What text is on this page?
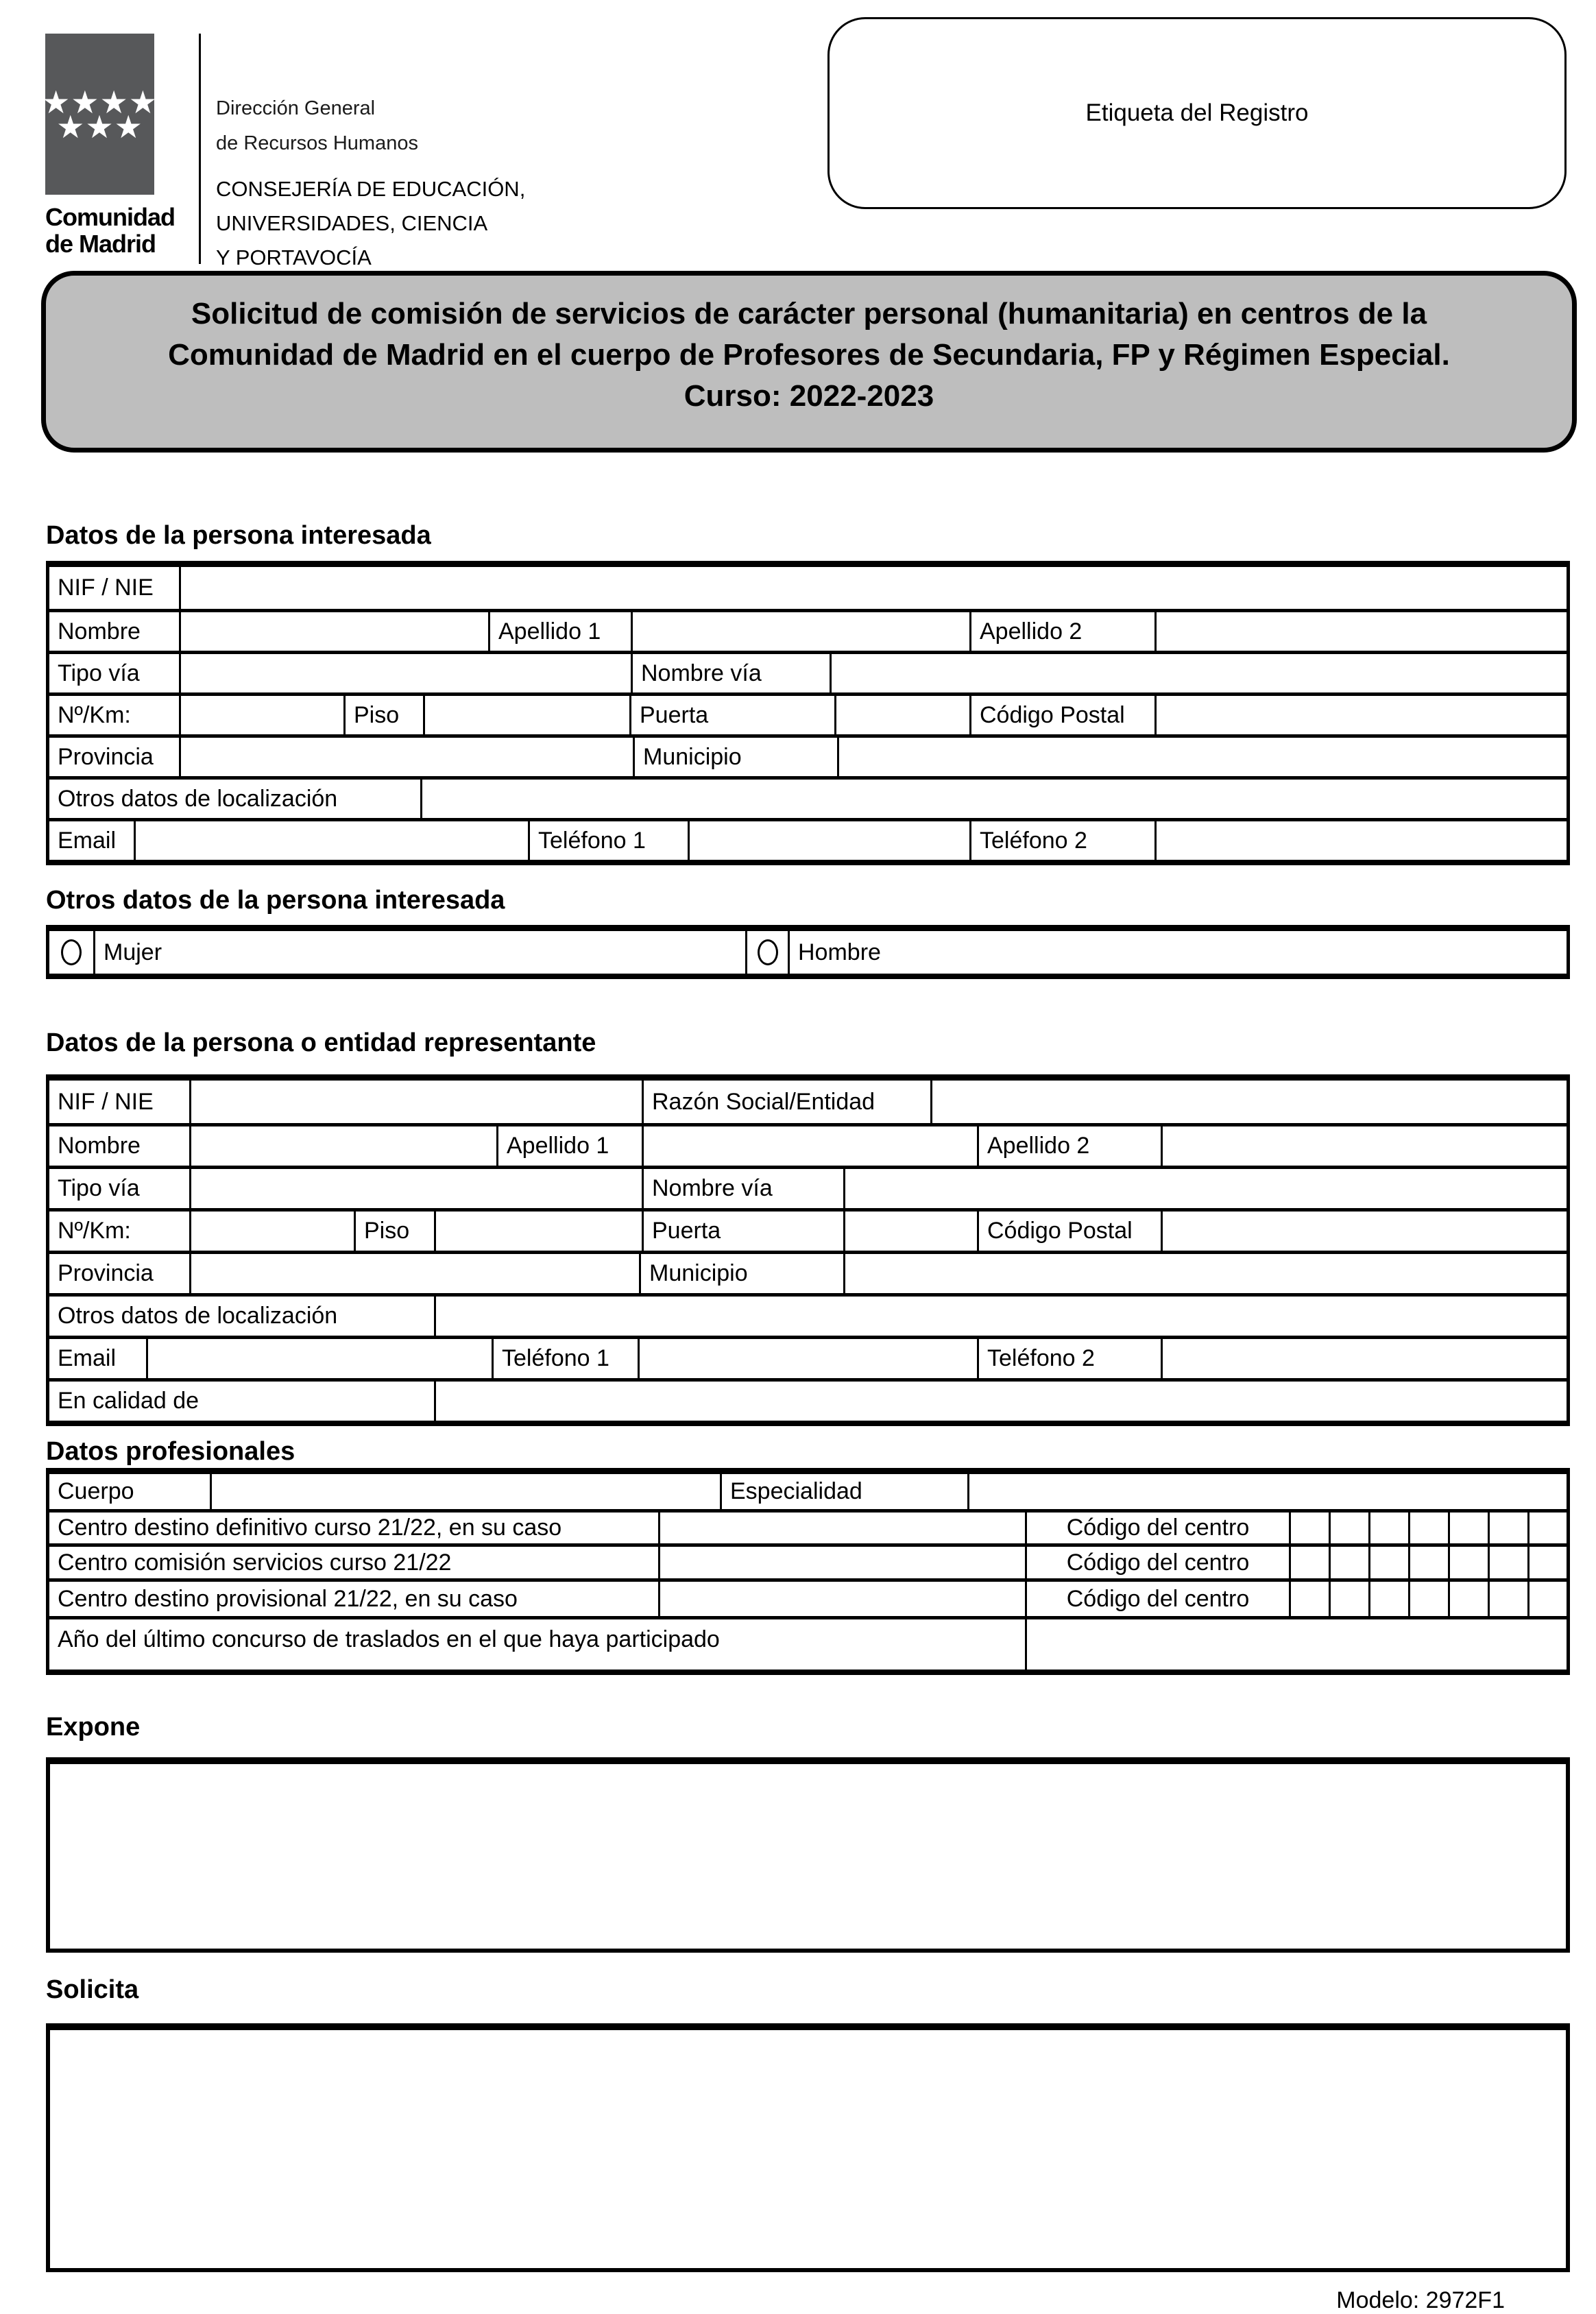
★ ★ ★ ★
★ ★ ★
Comunidad
de Madrid
Dirección General
de Recursos Humanos
CONSEJERÍA DE EDUCACIÓN,
UNIVERSIDADES, CIENCIA
Y PORTAVOCÍA
Etiqueta del Registro
Solicitud de comisión de servicios de carácter personal (humanitaria) en centros de la
Comunidad de Madrid en el cuerpo de Profesores de Secundaria, FP y Régimen Especial.
Curso: 2022-2023
Datos de la persona interesada
NIF / NIE
Nombre	Apellido 1	Apellido 2
Tipo vía	Nombre vía
Nº/Km:	Piso	Puerta	Código Postal
Provincia	Municipio
Otros datos de localización
Email	Teléfono 1	Teléfono 2
Otros datos de la persona interesada
Mujer	Hombre
Datos de la persona o entidad representante
NIF / NIE	Razón Social/Entidad
Nombre	Apellido 1	Apellido 2
Tipo vía	Nombre vía
Nº/Km:	Piso	Puerta	Código Postal
Provincia	Municipio
Otros datos de localización
Email	Teléfono 1	Teléfono 2
En calidad de
Datos profesionales
Cuerpo	Especialidad
Centro destino definitivo curso 21/22, en su caso	Código del centro
Centro comisión servicios curso 21/22	Código del centro
Centro destino provisional 21/22, en su caso	Código del centro
Año del último concurso de traslados en el que haya participado
Expone
Solicita
Modelo: 2972F1
